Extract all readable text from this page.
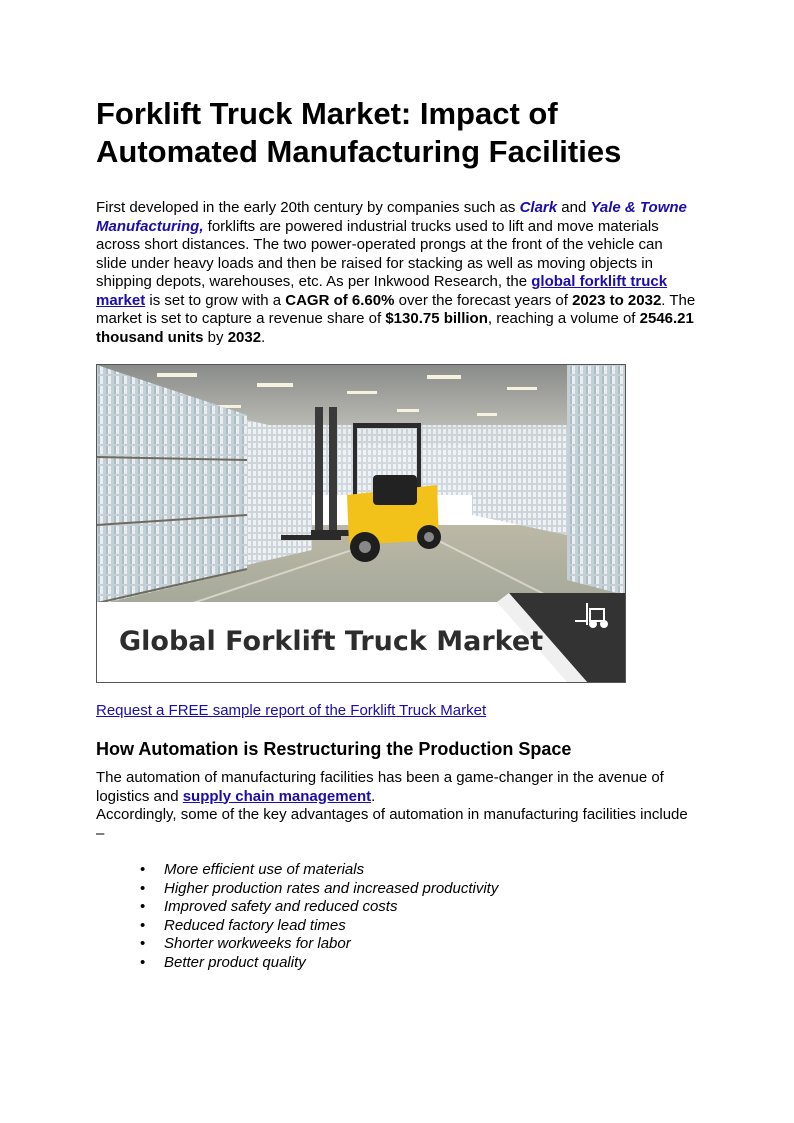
Forklift Truck Market: Impact of Automated Manufacturing Facilities

First developed in the early 20th century by companies such as Clark and Yale & Towne Manufacturing, forklifts are powered industrial trucks used to lift and move materials across short distances. The two power-operated prongs at the front of the vehicle can slide under heavy loads and then be raised for stacking as well as moving objects in shipping depots, warehouses, etc. As per Inkwood Research, the global forklift truck market is set to grow with a CAGR of 6.60% over the forecast years of 2023 to 2032. The market is set to capture a revenue share of $130.75 billion, reaching a volume of 2546.21 thousand units by 2032.

Global Forklift Truck Market
Request a FREE sample report of the Forklift Truck Market
How Automation is Restructuring the Production Space

The automation of manufacturing facilities has been a game-changer in the avenue of logistics and supply chain management.
Accordingly, some of the key advantages of automation in manufacturing facilities include –

• More efficient use of materials
• Higher production rates and increased productivity
• Improved safety and reduced costs
• Reduced factory lead times
• Shorter workweeks for labor
• Better product quality
